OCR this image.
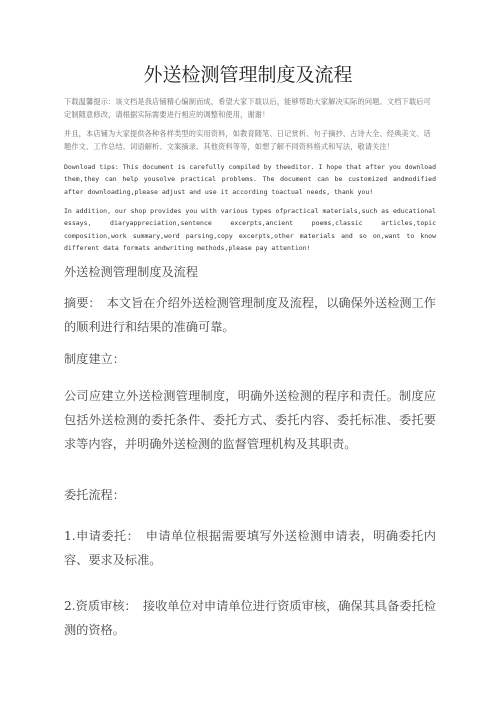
外送检测管理制度及流程

下载温馨提示：该文档是我店铺精心编制而成，希望大家下载以后，能够帮助大家解决实际的问题。文档下载后可定制随意修改，请根据实际需要进行相应的调整和使用，谢谢！

并且，本店铺为大家提供各种各样类型的实用资料，如教育随笔、日记赏析、句子摘抄、古诗大全、经典美文、话题作文、工作总结、词语解析、文案摘录、其他资料等等，如想了解不同资料格式和写法，敬请关注！

Download tips: This document is carefully compiled by theeditor. I hope that after you download them,they can help yousolve practical problems. The document can be customized andmodified after downloading,please adjust and use it according toactual needs, thank you!

In addition, our shop provides you with various types ofpractical materials,such as educational essays, diaryappreciation,sentence excerpts,ancient poems,classic articles,topic composition,work summary,word parsing,copy excerpts,other materials and so on,want to know different data formats andwriting methods,please pay attention!

外送检测管理制度及流程

摘要：　本文旨在介绍外送检测管理制度及流程，以确保外送检测工作的顺利进行和结果的准确可靠。

制度建立：

公司应建立外送检测管理制度，明确外送检测的程序和责任。制度应包括外送检测的委托条件、委托方式、委托内容、委托标准、委托要求等内容，并明确外送检测的监督管理机构及其职责。

委托流程：

1.申请委托：　申请单位根据需要填写外送检测申请表，明确委托内容、要求及标准。

2.资质审核：　接收单位对申请单位进行资质审核，确保其具备委托检测的资格。
